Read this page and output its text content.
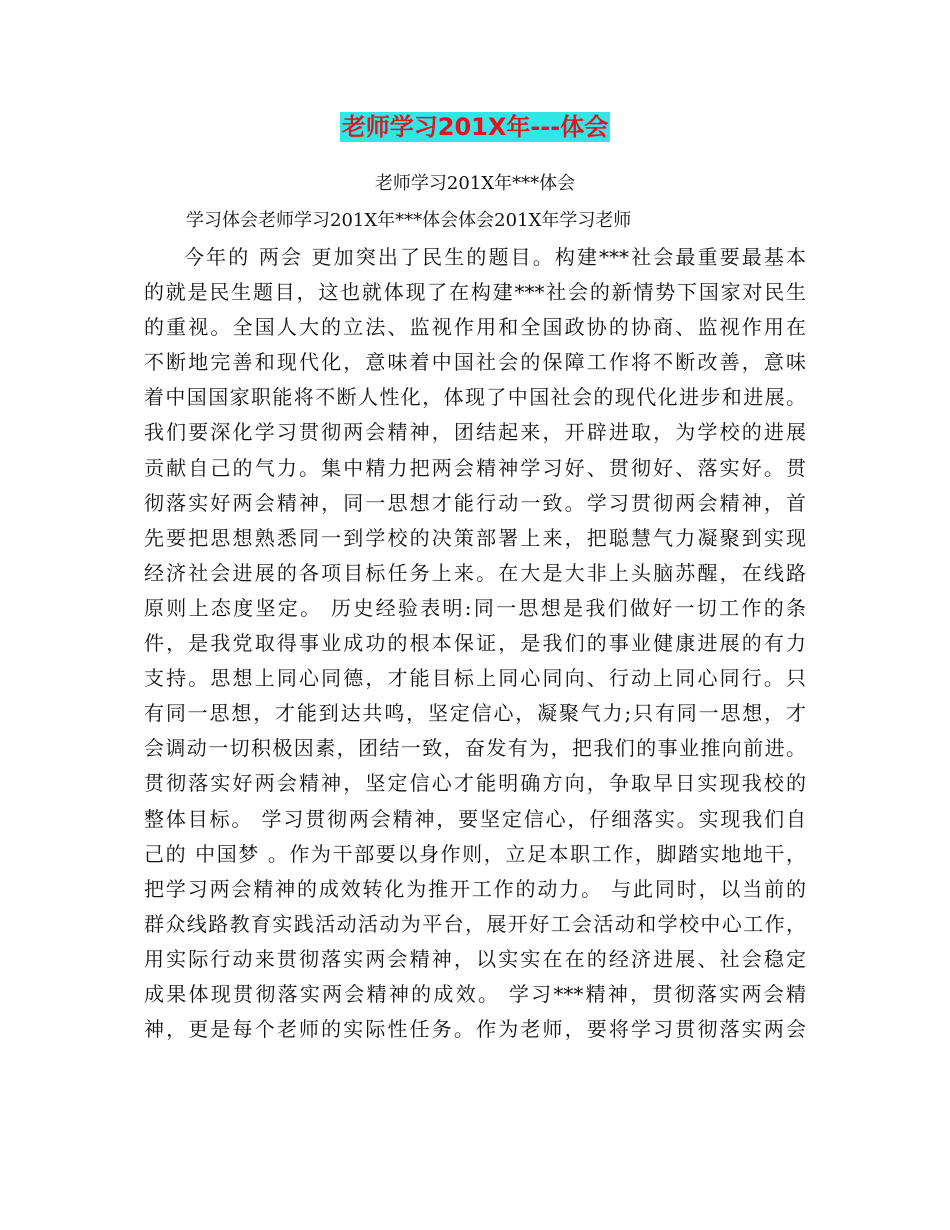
老师学习201X年---体会
老师学习201X年***体会
学习体会老师学习201X年***体会体会201X年学习老师
今年的 两会 更加突出了民生的题目。构建***社会最重要最基本
的就是民生题目，这也就体现了在构建***社会的新情势下国家对民生
的重视。全国人大的立法、监视作用和全国政协的协商、监视作用在
不断地完善和现代化，意味着中国社会的保障工作将不断改善，意味
着中国国家职能将不断人性化，体现了中国社会的现代化进步和进展。
我们要深化学习贯彻两会精神，团结起来，开辟进取，为学校的进展
贡献自己的气力。集中精力把两会精神学习好、贯彻好、落实好。贯
彻落实好两会精神，同一思想才能行动一致。学习贯彻两会精神，首
先要把思想熟悉同一到学校的决策部署上来，把聪慧气力凝聚到实现
经济社会进展的各项目标任务上来。在大是大非上头脑苏醒，在线路
原则上态度坚定。 历史经验表明:同一思想是我们做好一切工作的条
件，是我党取得事业成功的根本保证，是我们的事业健康进展的有力
支持。思想上同心同德，才能目标上同心同向、行动上同心同行。只
有同一思想，才能到达共鸣，坚定信心，凝聚气力;只有同一思想，才
会调动一切积极因素，团结一致，奋发有为，把我们的事业推向前进。
贯彻落实好两会精神，坚定信心才能明确方向，争取早日实现我校的
整体目标。 学习贯彻两会精神，要坚定信心，仔细落实。实现我们自
己的 中国梦 。作为干部要以身作则，立足本职工作，脚踏实地地干，
把学习两会精神的成效转化为推开工作的动力。 与此同时，以当前的
群众线路教育实践活动活动为平台，展开好工会活动和学校中心工作，
用实际行动来贯彻落实两会精神，以实实在在的经济进展、社会稳定
成果体现贯彻落实两会精神的成效。 学习***精神，贯彻落实两会精
神，更是每个老师的实际性任务。作为老师，要将学习贯彻落实两会
